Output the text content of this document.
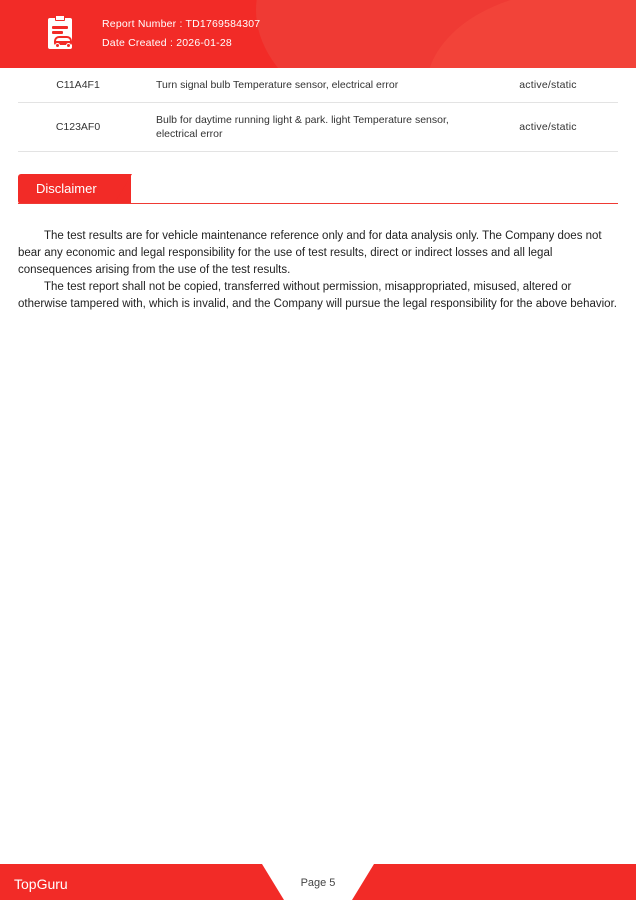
Report Number : TD1769584307
Date Created : 2026-01-28
C11A4F1	Turn signal bulb Temperature sensor, electrical error	active/static
C123AF0	Bulb for daytime running light & park. light Temperature sensor, electrical error	active/static
Disclaimer

The test results are for vehicle maintenance reference only and for data analysis only. The Company does not bear any economic and legal responsibility for the use of test results, direct or indirect losses and all legal consequences arising from the use of the test results.

The test report shall not be copied, transferred without permission, misappropriated, misused, altered or otherwise tampered with, which is invalid, and the Company will pursue the legal responsibility for the above behavior.

TopGuru	Page 5
